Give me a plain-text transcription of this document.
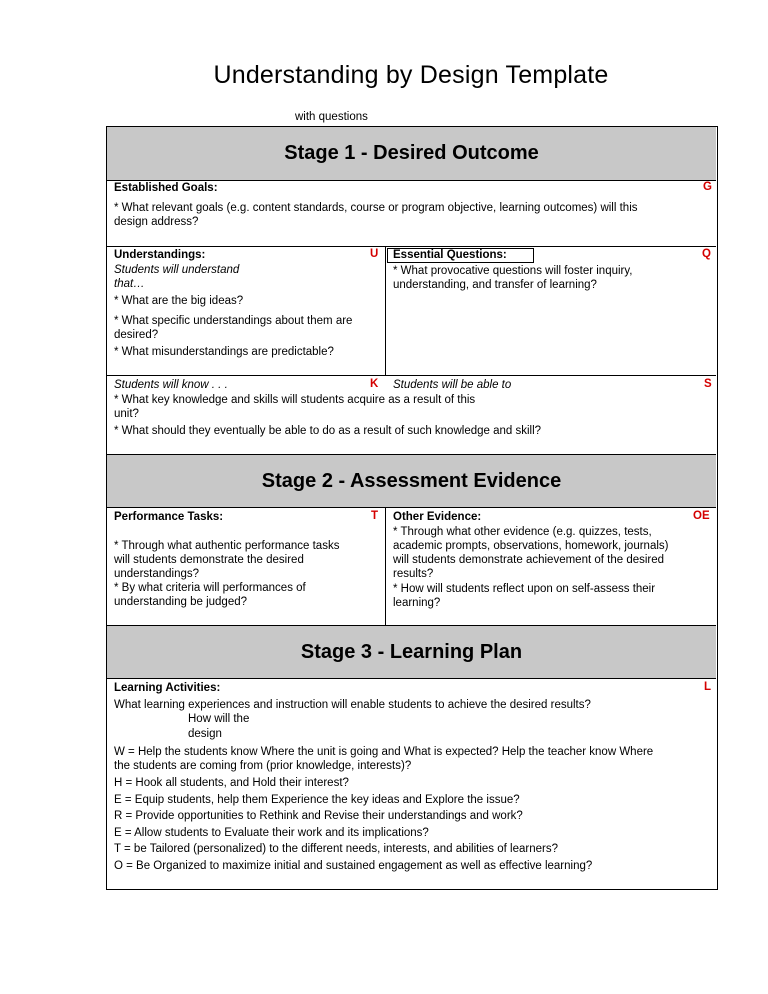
Understanding by Design Template
with questions
Stage 1 - Desired Outcome
Established Goals:	G
* What relevant goals (e.g. content standards, course or program objective, learning outcomes) will this
design address?
Understandings:	U
Students will understand
that…
* What are the big ideas?
* What specific understandings about them are
desired?
* What misunderstandings are predictable?
Essential Questions:	Q
* What provocative questions will foster inquiry,
understanding, and transfer of learning?
Students will know . . .	K Students will be able to	S
* What key knowledge and skills will students acquire as a result of this
unit?
* What should they eventually be able to do as a result of such knowledge and skill?
Stage 2 - Assessment Evidence
Performance Tasks:	T
* Through what authentic performance tasks
will students demonstrate the desired
understandings?
* By what criteria will performances of
understanding be judged?
Other Evidence:	OE
* Through what other evidence (e.g. quizzes, tests,
academic prompts, observations, homework, journals)
will students demonstrate achievement of the desired
results?
* How will students reflect upon on self-assess their
learning?
Stage 3 - Learning Plan
Learning Activities:	L
What learning experiences and instruction will enable students to achieve the desired results?
How will the
design
W = Help the students know Where the unit is going and What is expected? Help the teacher know Where
the students are coming from (prior knowledge, interests)?
H = Hook all students, and Hold their interest?
E = Equip students, help them Experience the key ideas and Explore the issue?
R = Provide opportunities to Rethink and Revise their understandings and work?
E = Allow students to Evaluate their work and its implications?
T = be Tailored (personalized) to the different needs, interests, and abilities of learners?
O = Be Organized to maximize initial and sustained engagement as well as effective learning?
